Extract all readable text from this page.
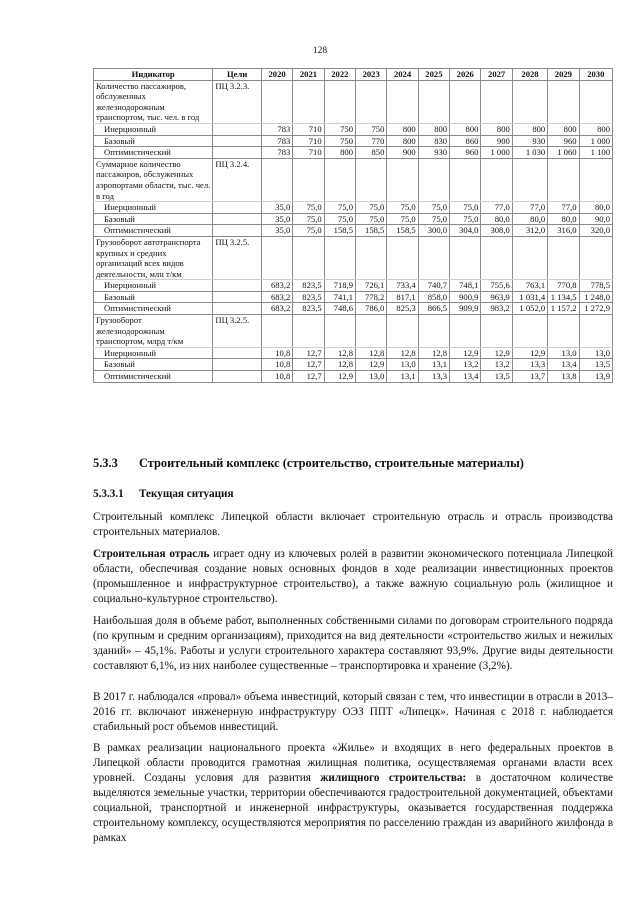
128
Индикатор	Цели	2020	2021	2022	2023	2024	2025	2026	2027	2028	2029	2030
Количество пассажиров, обслуженных железнодорожным транспортом, тыс. чел. в год	ПЦ 3.2.3.											
Инерционный		783	710	750	750	800	800	800	800	800	800	800
Базовый		783	710	750	770	800	830	860	900	930	960	1 000
Оптимистический		783	710	800	850	900	930	960	1 000	1 030	1 060	1 100
Суммарное количество пассажиров, обслуженных аэропортами области, тыс. чел. в год	ПЦ 3.2.4.											
Инерционный		35,0	75,0	75,0	75,0	75,0	75,0	75,0	77,0	77,0	77,0	80,0
Базовый		35,0	75,0	75,0	75,0	75,0	75,0	75,0	80,0	80,0	80,0	90,0
Оптимистический		35,0	75,0	158,5	158,5	158,5	300,0	304,0	308,0	312,0	316,0	320,0
Грузооборот автотранспорта крупных и средних организаций всех видов деятельности, млн т/км	ПЦ 3.2.5.											
Инерционный		683,2	823,5	718,9	726,1	733,4	740,7	748,1	755,6	763,1	770,8	778,5
Базовый		683,2	823,5	741,1	778,2	817,1	858,0	900,9	963,9	1 031,4	1 134,5	1 248,0
Оптимистический		683,2	823,5	748,6	786,0	825,3	866,5	909,9	983,2	1 052,0	1 157,2	1 272,9
Грузооборот железнодорожным транспортом, млрд т/км	ПЦ 3.2.5.											
Инерционный		10,8	12,7	12,8	12,8	12,8	12,8	12,9	12,9	12,9	13,0	13,0
Базовый		10,8	12,7	12,8	12,9	13,0	13,1	13,2	13,2	13,3	13,4	13,5
Оптимистический		10,8	12,7	12,9	13,0	13,1	13,3	13,4	13,5	13,7	13,8	13,9
5.3.3 Строительный комплекс (строительство, строительные материалы)
5.3.3.1 Текущая ситуация
Строительный комплекс Липецкой области включает строительную отрасль и отрасль производства строительных материалов.
Строительная отрасль играет одну из ключевых ролей в развитии экономического потенциала Липецкой области, обеспечивая создание новых основных фондов в ходе реализации инвестиционных проектов (промышленное и инфраструктурное строительство), а также важную социальную роль (жилищное и социально-культурное строительство).
Наибольшая доля в объеме работ, выполненных собственными силами по договорам строительного подряда (по крупным и средним организациям), приходится на вид деятельности «строительство жилых и нежилых зданий» – 45,1%. Работы и услуги строительного характера составляют 93,9%. Другие виды деятельности составляют 6,1%, из них наиболее существенные – транспортировка и хранение (3,2%).
В 2017 г. наблюдался «провал» объема инвестиций, который связан с тем, что инвестиции в отрасли в 2013–2016 гг. включают инженерную инфраструктуру ОЭЗ ППТ «Липецк». Начиная с 2018 г. наблюдается стабильный рост объемов инвестиций.
В рамках реализации национального проекта «Жилье» и входящих в него федеральных проектов в Липецкой области проводится грамотная жилищная политика, осуществляемая органами власти всех уровней. Созданы условия для развития жилищного строительства: в достаточном количестве выделяются земельные участки, территории обеспечиваются градостроительной документацией, объектами социальной, транспортной и инженерной инфраструктуры, оказывается государственная поддержка строительному комплексу, осуществляются мероприятия по расселению граждан из аварийного жилфонда в рамках
